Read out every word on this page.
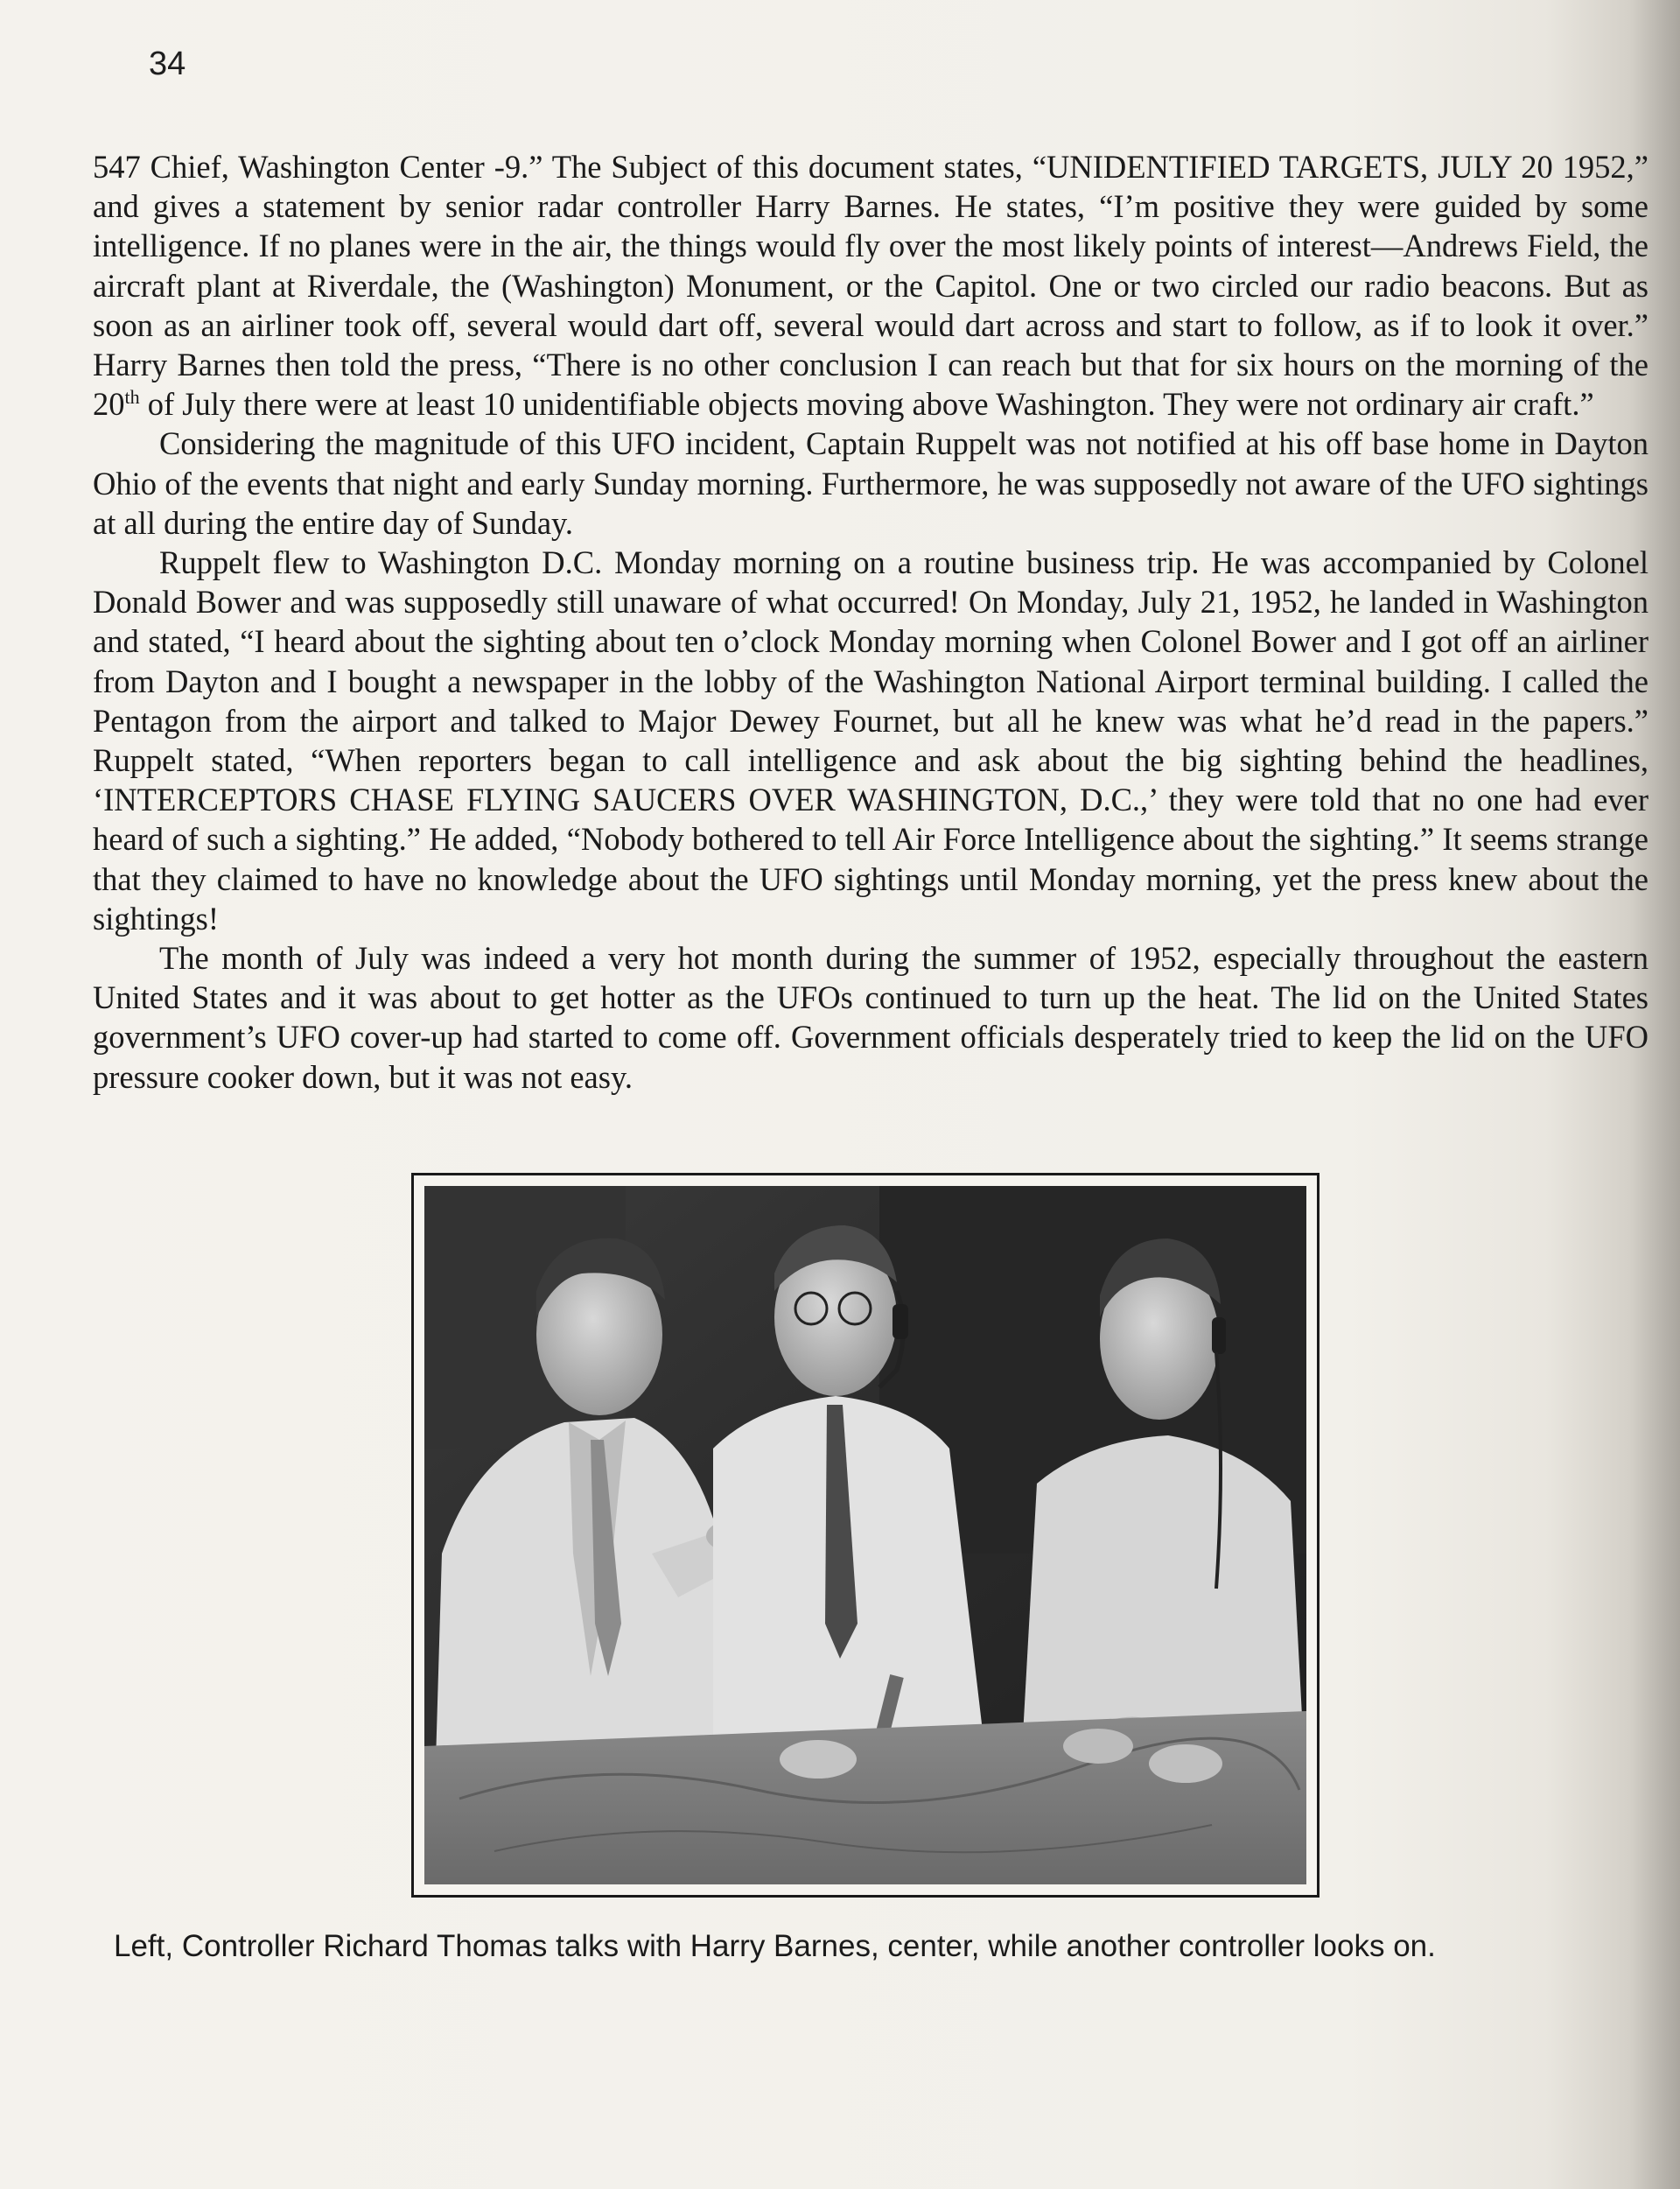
34

547 Chief, Washington Center -9.” The Subject of this document states, “UNIDENTIFIED TARGETS, JULY 20 1952,” and gives a statement by senior radar controller Harry Barnes. He states, “I’m positive they were guided by some intelligence. If no planes were in the air, the things would fly over the most likely points of interest—Andrews Field, the aircraft plant at Riverdale, the (Washington) Monument, or the Capitol. One or two circled our radio beacons. But as soon as an airliner took off, several would dart off, several would dart across and start to follow, as if to look it over.” Harry Barnes then told the press, “There is no other conclusion I can reach but that for six hours on the morning of the 20th of July there were at least 10 unidentifiable objects moving above Washington. They were not ordinary air craft.”

Considering the magnitude of this UFO incident, Captain Ruppelt was not notified at his off base home in Dayton Ohio of the events that night and early Sunday morning. Furthermore, he was supposedly not aware of the UFO sightings at all during the entire day of Sunday.

Ruppelt flew to Washington D.C. Monday morning on a routine business trip. He was accompanied by Colonel Donald Bower and was supposedly still unaware of what occurred! On Monday, July 21, 1952, he landed in Washington and stated, “I heard about the sighting about ten o’clock Monday morning when Colonel Bower and I got off an airliner from Dayton and I bought a newspaper in the lobby of the Washington National Airport terminal building. I called the Pentagon from the airport and talked to Major Dewey Fournet, but all he knew was what he’d read in the papers.” Ruppelt stated, “When reporters began to call intelligence and ask about the big sighting behind the headlines, ‘INTERCEPTORS CHASE FLYING SAUCERS OVER WASHINGTON, D.C.,’ they were told that no one had ever heard of such a sighting.” He added, “Nobody bothered to tell Air Force Intelligence about the sighting.” It seems strange that they claimed to have no knowledge about the UFO sightings until Monday morning, yet the press knew about the sightings!

The month of July was indeed a very hot month during the summer of 1952, especially throughout the eastern United States and it was about to get hotter as the UFOs continued to turn up the heat. The lid on the United States government’s UFO cover-up had started to come off. Government officials desperately tried to keep the lid on the UFO pressure cooker down, but it was not easy.

Left, Controller Richard Thomas talks with Harry Barnes, center, while another controller looks on.
